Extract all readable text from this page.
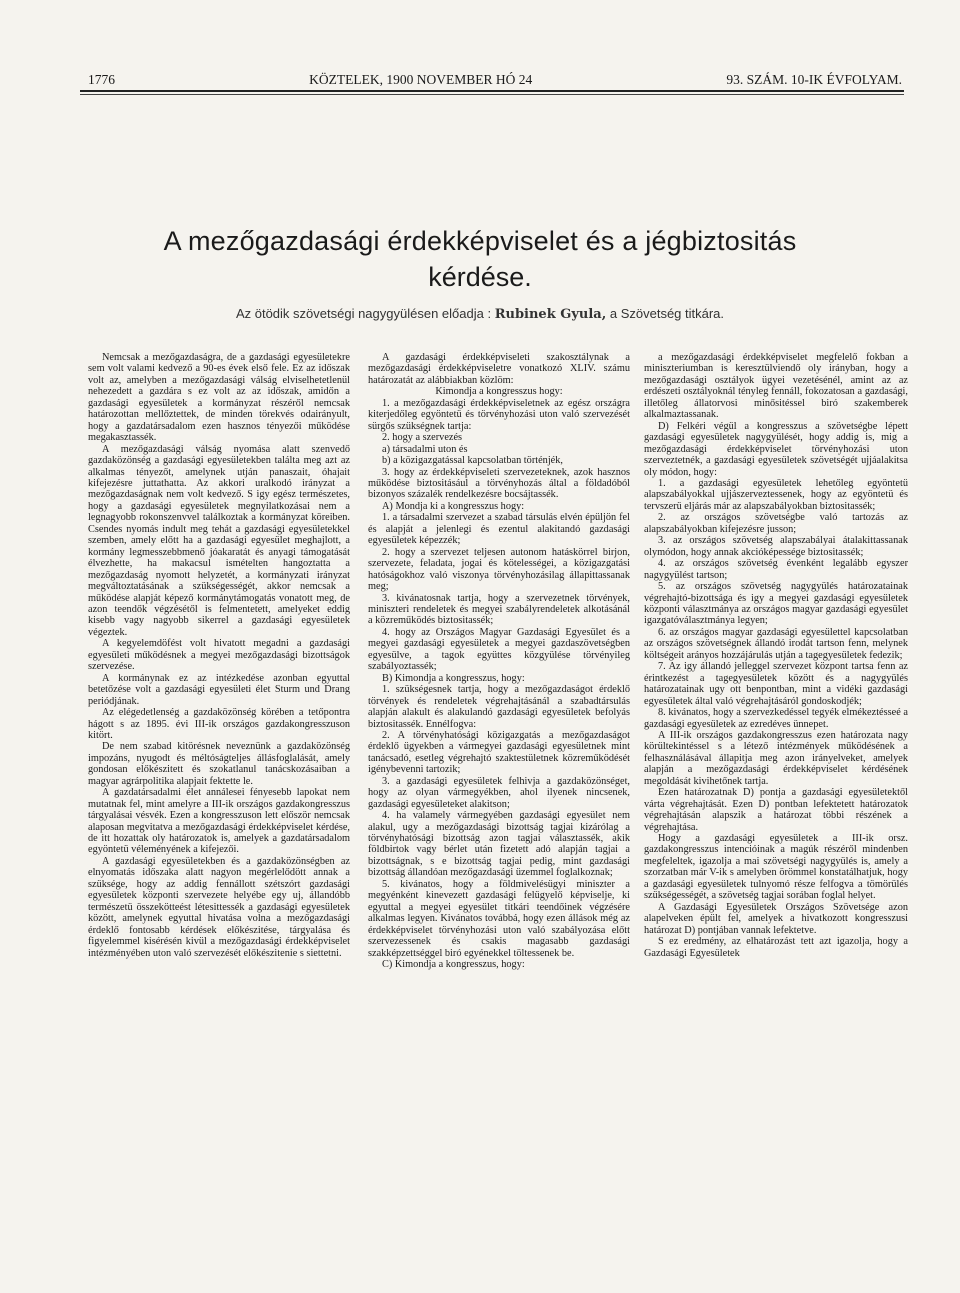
1776	KÖZTELEK, 1900 NOVEMBER HÓ 24	93. SZÁM. 10-IK ÉVFOLYAM.
A mezőgazdasági érdekképviselet és a jégbiztositás
kérdése.
Az ötödik szövetségi nagygyülésen előadja : Rubinek Gyula, a Szövetség titkára.

Nemcsak a mezőgazdaságra, de a gazdasági egyesületekre sem volt valami kedvező a 90-es évek első fele. Ez az időszak volt az, amelyben a mezőgazdasági válság elviselhetetlenül nehezedett a gazdára s ez volt az az időszak, amidőn a gazdasági egyesületek a kormányzat részéről nemcsak határozottan mellőztettek, de minden törekvés odairányult, hogy a gazdatársadalom ezen hasznos tényezői működése megakasztassék.

A mezőgazdasági válság nyomása alatt szenvedő gazdaközönség a gazdasági egyesületekben találta meg azt az alkalmas tényezőt, amelynek utján panaszait, óhajait kifejezésre juttathatta. Az akkori uralkodó irányzat a mezőgazdaságnak nem volt kedvező. S igy egész természetes, hogy a gazdasági egyesületek megnyilatkozásai nem a legnagyobb rokonszenvvel találkoztak a kormányzat köreiben. Csendes nyomás indult meg tehát a gazdasági egyesületekkel szemben, amely előtt ha a gazdasági egyesület meghajlott, a kormány legmesszebbmenő jóakaratát és anyagi támogatását élvezhette, ha makacsul ismételten hangoztatta a mezőgazdaság nyomott helyzetét, a kormányzati irányzat megváltoztatásának a szükségességét, akkor nemcsak a működése alapját képező kormánytámogatás vonatott meg, de azon teendők végzésétől is felmentetett, amelyeket eddig kisebb vagy nagyobb sikerrel a gazdasági egyesületek végeztek.

A kegyelemdöfést volt hivatott megadni a gazdasági egyesületi működésnek a megyei mezőgazdasági bizottságok szervezése.

A kormánynak ez az intézkedése azonban egyuttal betetőzése volt a gazdasági egyesületi élet Sturm und Drang periódjának.

Az elégedetlenség a gazdaközönség körében a tetőpontra hágott s az 1895. évi III-ik országos gazdakongresszuson kitört.

De nem szabad kitörésnek neveznünk a gazdaközönség impozáns, nyugodt és méltóságteljes állásfoglalását, amely gondosan előkészitett és szokatlanul tanácskozásaiban a magyar agrárpolitika alapjait fektette le.

A gazdatársadalmi élet annálesei fényesebb lapokat nem mutatnak fel, mint amelyre a III-ik országos gazdakongresszus tárgyalásai vésvék. Ezen a kongresszuson lett először nemcsak alaposan megvitatva a mezőgazdasági érdekképviselet kérdése, de itt hozattak oly határozatok is, amelyek a gazdatársadalom egyöntetü véleményének a kifejezői.

A gazdasági egyesületekben és a gazdaközönségben az elnyomatás időszaka alatt nagyon megérlelődött annak a szüksége, hogy az addig fennállott szétszórt gazdasági egyesületek központi szervezete helyébe egy uj, állandóbb természetü összekötteést létesittessék a gazdasági egyesületek között, amelynek egyuttal hivatása volna a mezőgazdasági érdeklő fontosabb kérdések előkészitése, tárgyalása és figyelemmel kisérésén kivül a mezőgazdasági érdekképviselet intézményében uton való szervezését előkészitenie s siettetni.

A gazdasági érdekképviseleti szakosztálynak a mezőgazdasági érdekképviseletre vonatkozó XLIV. számu határozatát az alábbiakban közlöm:

Kimondja a kongresszus hogy:

1. a mezőgazdasági érdekképviseletnek az egész országra kiterjedőleg egyöntetü és törvényhozási uton való szervezését sürgős szükségnek tartja:

2. hogy a szervezés

a) társadalmi uton és

b) a közigazgatással kapcsolatban történjék,

3. hogy az érdekképviseleti szervezeteknek, azok hasznos működése biztositásául a törvényhozás által a földadóból bizonyos százalék rendelkezésre bocsájtassék.

A) Mondja ki a kongresszus hogy:

1. a társadalmi szervezet a szabad társulás elvén épüljön fel és alapját a jelenlegi és ezentul alakitandó gazdasági egyesületek képezzék;

2. hogy a szervezet teljesen autonom hatáskörrel birjon, szervezete, feladata, jogai és kötelességei, a közigazgatási hatóságokhoz való viszonya törvényhozásilag állapittassanak meg;

3. kivánatosnak tartja, hogy a szervezetnek törvények, miniszteri rendeletek és megyei szabályrendeletek alkotásánál a közreműködés biztositassék;

4. hogy az Országos Magyar Gazdasági Egyesület és a megyei gazdasági egyesületek a megyei gazdaszövetségben egyesülve, a tagok együttes közgyülése törvényileg szabályoztassék;

B) Kimondja a kongresszus, hogy:

1. szükségesnek tartja, hogy a mezőgazdaságot érdeklő törvények és rendeletek végrehajtásánál a szabadtársulás alapján alakult és alakulandó gazdasági egyesületek befolyás biztositassék. Ennélfogva:

2. A törvényhatósági közigazgatás a mezőgazdaságot érdeklő ügyekben a vármegyei gazdasági egyesületnek mint tanácsadó, esetleg végrehajtó szaktestületnek közreműködését igénybevenni tartozik;

3. a gazdasági egyesületek felhivja a gazdaközönséget, hogy az olyan vármegyékben, ahol ilyenek nincsenek, gazdasági egyesületeket alakitson;

4. ha valamely vármegyében gazdasági egyesület nem alakul, ugy a mezőgazdasági bizottság tagjai kizárólag a törvényhatósági bizottság azon tagjai választassék, akik földbirtok vagy bérlet után fizetett adó alapján tagjai a bizottságnak, s e bizottság tagjai pedig, mint gazdasági bizottság állandóan mezőgazdasági üzemmel foglalkoznak;

5. kivánatos, hogy a földmivelésügyi miniszter a megyénként kinevezett gazdasági felügyelő képviselje, ki egyuttal a megyei egyesület titkári teendőinek végzésére alkalmas legyen. Kivánatos továbbá, hogy ezen állások még az érdekképviselet törvényhozási uton való szabályozása előtt szervezessenek és csakis magasabb gazdasági szakképzettséggel biró egyénekkel töltessenek be.

C) Kimondja a kongresszus, hogy:

a mezőgazdasági érdekképviselet megfelelő fokban a miniszteriumban is keresztülviendő oly irányban, hogy a mezőgazdasági osztályok ügyei vezetésénél, amint az az erdészeti osztályoknál tényleg fennáll, fokozatosan a gazdasági, illetőleg állatorvosi minősitéssel biró szakemberek alkalmaztassanak.

D) Felkéri végül a kongresszus a szövetségbe lépett gazdasági egyesületek nagygyülését, hogy addig is, mig a mezőgazdasági érdekképviselet törvényhozási uton szerveztetnék, a gazdasági egyesületek szövetségét ujjáalakitsa oly módon, hogy:

1. a gazdasági egyesületek lehetőleg egyöntetü alapszabályokkal ujjászerveztessenek, hogy az egyöntetü és tervszerü eljárás már az alapszabályokban biztositassék;

2. az országos szövetségbe való tartozás az alapszabályokban kifejezésre jusson;

3. az országos szövetség alapszabályai átalakittassanak olymódon, hogy annak akcióképessége biztositassék;

4. az országos szövetség évenként legalább egyszer nagygyülést tartson;

5. az országos szövetség nagygyülés határozatainak végrehajtó-bizottsága és igy a megyei gazdasági egyesületek központi választmánya az országos magyar gazdasági egyesület igazgatóválasztmánya legyen;

6. az országos magyar gazdasági egyesülettel kapcsolatban az országos szövetségnek állandó irodát tartson fenn, melynek költségeit arányos hozzájárulás utján a tagegyesületek fedezik;

7. Az igy állandó jelleggel szervezet központ tartsa fenn az érintkezést a tagegyesületek között és a nagygyülés határozatainak ugy ott benpontban, mint a vidéki gazdasági egyesületek által való végrehajtásáról gondoskodjék;

8. kivánatos, hogy a szervezkedéssel tegyék elmékeztésseé a gazdasági egyesületek az ezredéves ünnepet.

A III-ik országos gazdakongresszus ezen határozata nagy körültekintéssel s a létező intézmények működésének a felhasználásával állapitja meg azon irányelveket, amelyek alapján a mezőgazdasági érdekképviselet kérdésének megoldását kivihetőnek tartja.

Ezen határozatnak D) pontja a gazdasági egyesületektől várta végrehajtását. Ezen D) pontban lefektetett határozatok végrehajtásán alapszik a határozat többi részének a végrehajtása.

Hogy a gazdasági egyesületek a III-ik orsz. gazdakongresszus intencióinak a magúk részéről mindenben megfeleltek, igazolja a mai szövetségi nagygyülés is, amely a szorzatban már V-ik s amelyben örömmel konstatálhatjuk, hogy a gazdasági egyesületek tulnyomó része felfogva a tömörülés szükségességét, a szövetség tagjai sorában foglal helyet.

A Gazdasági Egyesületek Országos Szövetsége azon alapelveken épült fel, amelyek a hivatkozott kongresszusi határozat D) pontjában vannak lefektetve.

S ez eredmény, az elhatározást tett azt igazolja, hogy a Gazdasági Egyesületek
